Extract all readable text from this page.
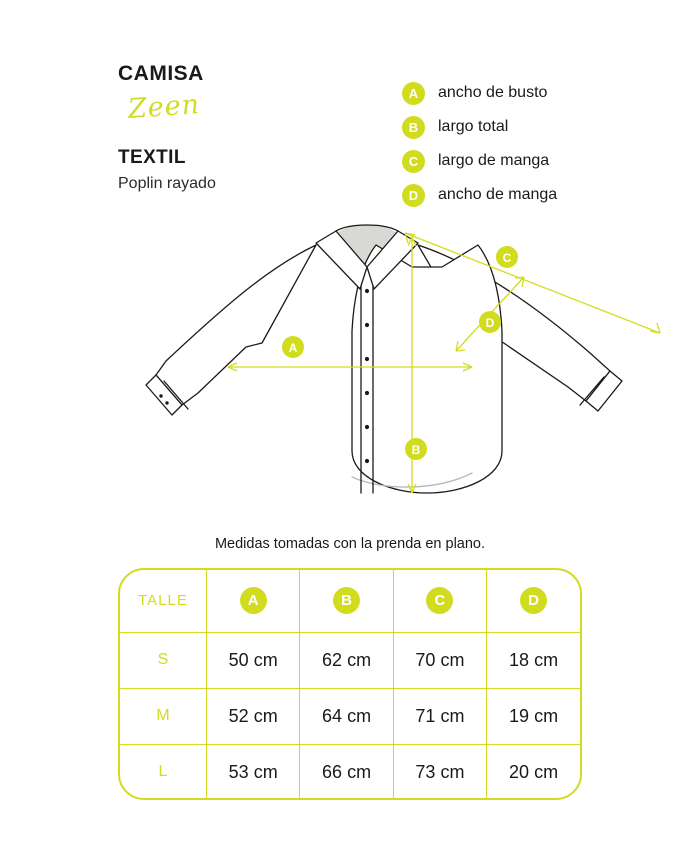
CAMISA
Zeen
TEXTIL
Poplin rayado
A	ancho de busto
B	largo total
C	largo de manga
D	ancho de manga
A
B
C
D
Medidas tomadas con la prenda en plano.
TALLE	A	B	C	D
S	50 cm	62 cm	70 cm	18 cm
M	52 cm	64 cm	71 cm	19 cm
L	53 cm	66 cm	73 cm	20 cm
